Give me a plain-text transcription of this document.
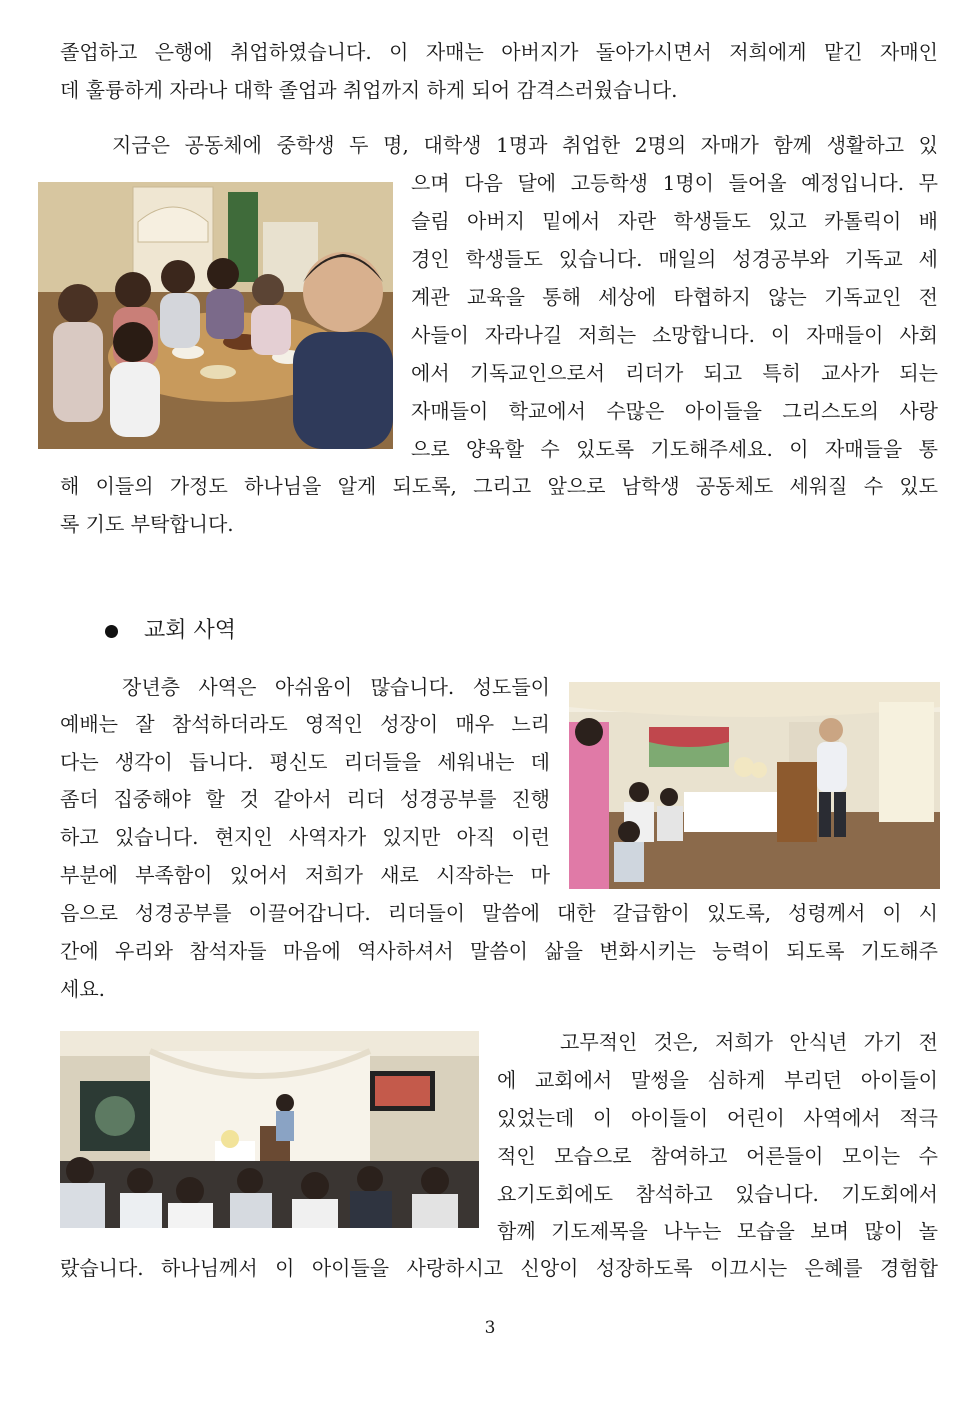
졸업하고 은행에 취업하였습니다. 이 자매는 아버지가 돌아가시면서 저희에게 맡긴 자매인
데 훌륭하게 자라나 대학 졸업과 취업까지 하게 되어 감격스러웠습니다.
지금은 공동체에 중학생 두 명, 대학생 1명과 취업한 2명의 자매가 함께 생활하고 있
으며 다음 달에 고등학생 1명이 들어올 예정입니다. 무
슬림 아버지 밑에서 자란 학생들도 있고 카톨릭이 배
경인 학생들도 있습니다. 매일의 성경공부와 기독교 세
계관 교육을 통해 세상에 타협하지 않는 기독교인 전
사들이 자라나길 저희는 소망합니다. 이 자매들이 사회
에서 기독교인으로서 리더가 되고 특히 교사가 되는
자매들이 학교에서 수많은 아이들을 그리스도의 사랑
으로 양육할 수 있도록 기도해주세요. 이 자매들을 통
해 이들의 가정도 하나님을 알게 되도록, 그리고 앞으로 남학생 공동체도 세워질 수 있도
록 기도 부탁합니다.
교회 사역
장년층 사역은 아쉬움이 많습니다. 성도들이
예배는 잘 참석하더라도 영적인 성장이 매우 느리
다는 생각이 듭니다. 평신도 리더들을 세워내는 데
좀더 집중해야 할 것 같아서 리더 성경공부를 진행
하고 있습니다. 현지인 사역자가 있지만 아직 이런
부분에 부족함이 있어서 저희가 새로 시작하는 마
음으로 성경공부를 이끌어갑니다. 리더들이 말씀에 대한 갈급함이 있도록, 성령께서 이 시
간에 우리와 참석자들 마음에 역사하셔서 말씀이 삶을 변화시키는 능력이 되도록 기도해주
세요.
고무적인 것은, 저희가 안식년 가기 전
에 교회에서 말썽을 심하게 부리던 아이들이
있었는데 이 아이들이 어린이 사역에서 적극
적인 모습으로 참여하고 어른들이 모이는 수
요기도회에도 참석하고 있습니다. 기도회에서
함께 기도제목을 나누는 모습을 보며 많이 놀
랐습니다. 하나님께서 이 아이들을 사랑하시고 신앙이 성장하도록 이끄시는 은혜를 경험합
3
